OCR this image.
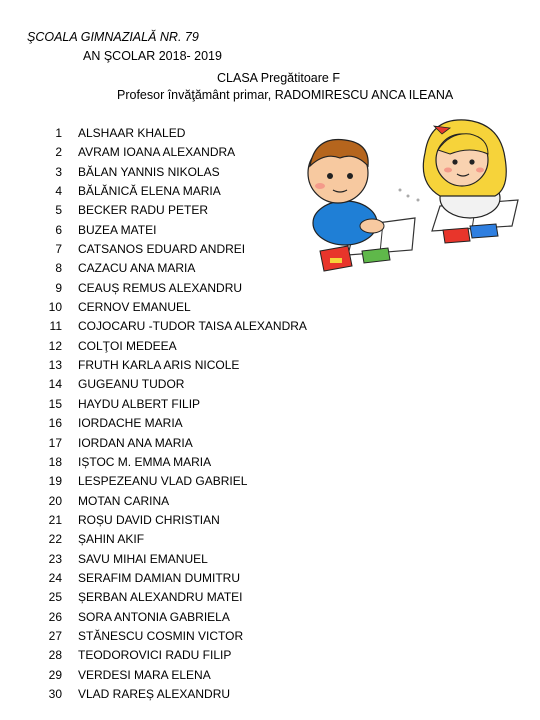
ŞCOALA GIMNAZIALĂ NR. 79
AN ŞCOLAR 2018- 2019
CLASA Pregătitoare F
Profesor învăţământ primar, RADOMIRESCU ANCA ILEANA
1 ALSHAAR KHALED
2 AVRAM IOANA ALEXANDRA
3 BĂLAN YANNIS NIKOLAS
4 BĂLĂNICĂ ELENA MARIA
5 BECKER RADU PETER
6 BUZEA MATEI
7 CATSANOS EDUARD ANDREI
8 CAZACU ANA MARIA
9 CEAUȘ REMUS ALEXANDRU
10 CERNOV EMANUEL
11 COJOCARU -TUDOR TAISA ALEXANDRA
12 COLŢOI MEDEEA
13 FRUTH KARLA ARIS NICOLE
14 GUGEANU TUDOR
15 HAYDU ALBERT FILIP
16 IORDACHE MARIA
17 IORDAN ANA MARIA
18 IȘTOC M. EMMA MARIA
19 LESPEZEANU VLAD GABRIEL
20 MOTAN CARINA
21 ROȘU DAVID CHRISTIAN
22 ȘAHIN AKIF
23 SAVU MIHAI EMANUEL
24 SERAFIM DAMIAN DUMITRU
25 ȘERBAN ALEXANDRU MATEI
26 SORA ANTONIA GABRIELA
27 STĂNESCU COSMIN VICTOR
28 TEODOROVICI RADU FILIP
29 VERDESI MARA ELENA
30 VLAD RAREȘ ALEXANDRU
